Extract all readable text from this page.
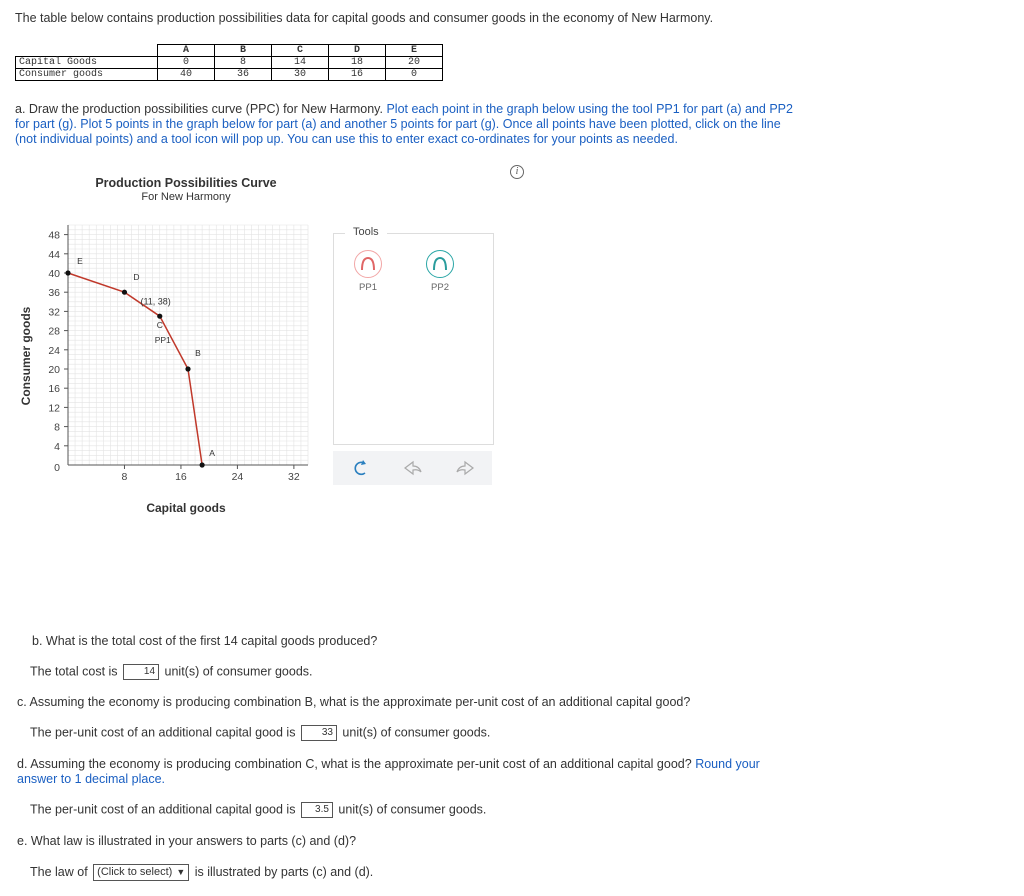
The table below contains production possibilities data for capital goods and consumer goods in the economy of New Harmony.
	A	B	C	D	E
Capital Goods	0	8	14	18	20
Consumer goods	40	36	30	16	0
a. Draw the production possibilities curve (PPC) for New Harmony. Plot each point in the graph below using the tool PP1 for part (a) and PP2 for part (g). Plot 5 points in the graph below for part (a) and another 5 points for part (g). Once all points have been plotted, click on the line (not individual points) and a tool icon will pop up. You can use this to enter exact co-ordinates for your points as needed.
i
Production Possibilities Curve
For New Harmony
4
8
12
16
20
24
28
32
36
40
44
48
0
8	16	24	32
E
D
C
B
A
PP1
(11, 38)
Capital goods
Consumer goods
PP1	PP2
Tools
b. What is the total cost of the first 14 capital goods produced?
The total cost is	14 unit(s) of consumer goods.
c. Assuming the economy is producing combination B, what is the approximate per-unit cost of an additional capital good?
The per-unit cost of an additional capital good is	33 unit(s) of consumer goods.
d. Assuming the economy is producing combination C, what is the approximate per-unit cost of an additional capital good? Round your answer to 1 decimal place.
The per-unit cost of an additional capital good is 3.5 unit(s) of consumer goods.
e. What law is illustrated in your answers to parts (c) and (d)?
The law of (Click to select) ▼ is illustrated by parts (c) and (d).
